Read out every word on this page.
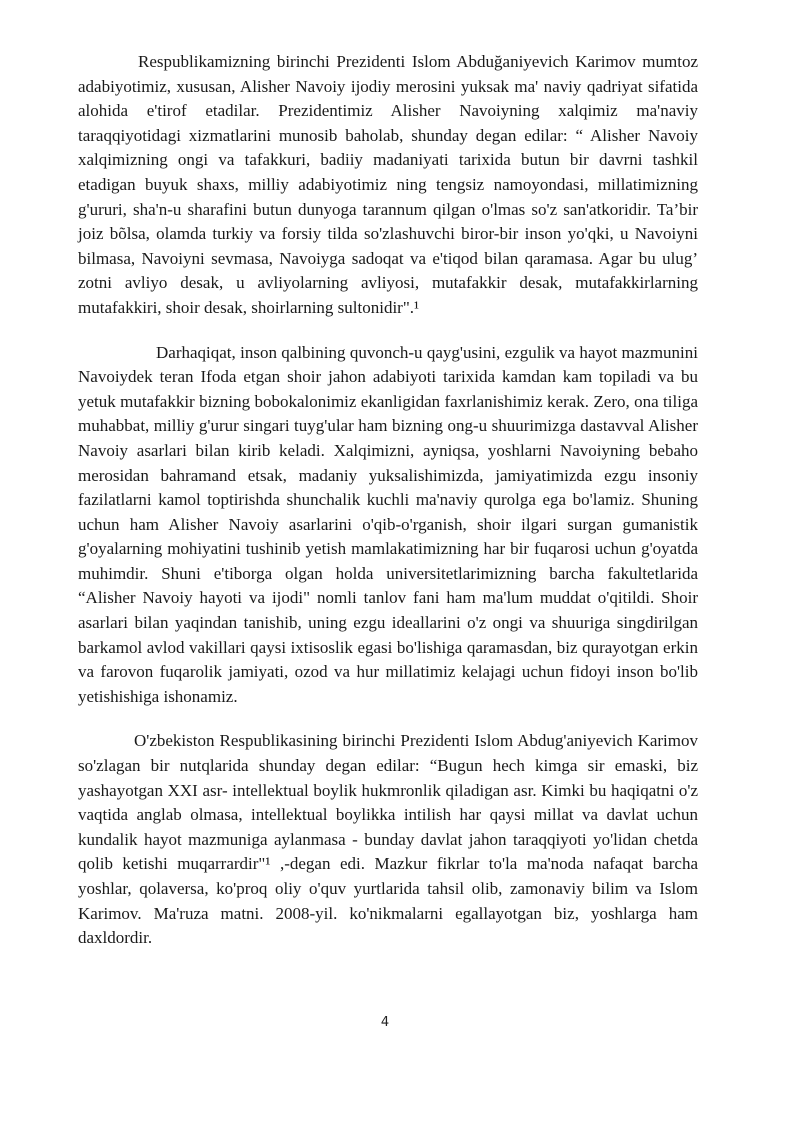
Respublikamizning birinchi Prezidenti Islom Abduğaniyevich Karimov mumtoz adabiyotimiz, xususan, Alisher Navoiy ijodiy merosini yuksak ma' naviy qadriyat sifatida alohida e'tirof etadilar. Prezidentimiz Alisher Navoiyning xalqimiz ma'naviy taraqqiyotidagi xizmatlarini munosib baholab, shunday degan edilar: “ Alisher Navoiy xalqimizning ongi va tafakkuri, badiiy madaniyati tarixida butun bir davrni tashkil etadigan buyuk shaxs, milliy adabiyotimiz ning tengsiz namoyondasi, millatimizning g'ururi, sha'n-u sharafini butun dunyoga tarannum qilgan o'lmas so'z san'atkoridir. Ta’bir joiz bõlsa, olamda turkiy va forsiy tilda so'zlashuvchi biror-bir inson yo'qki, u Navoiyni bilmasa, Navoiyni sevmasa, Navoiyga sadoqat va e'tiqod bilan qaramasa. Agar bu ulug’ zotni avliyo desak, u avliyolarning avliyosi, mutafakkir desak, mutafakkirlarning mutafakkiri, shoir desak, shoirlarning sultonidir".¹

Darhaqiqat, inson qalbining quvonch-u qayg'usini, ezgulik va hayot mazmunini Navoiydek teran Ifoda etgan shoir jahon adabiyoti tarixida kamdan kam topiladi va bu yetuk mutafakkir bizning bobokalonimiz ekanligidan faxrlanishimiz kerak. Zero, ona tiliga muhabbat, milliy g'urur singari tuyg'ular ham bizning ong-u shuurimizga dastavval Alisher Navoiy asarlari bilan kirib keladi. Xalqimizni, ayniqsa, yoshlarni Navoiyning bebaho merosidan bahramand etsak, madaniy yuksalishimizda, jamiyatimizda ezgu insoniy fazilatlarni kamol toptirishda shunchalik kuchli ma'naviy qurolga ega bo'lamiz. Shuning uchun ham Alisher Navoiy asarlarini o'qib-o'rganish, shoir ilgari surgan gumanistik g'oyalarning mohiyatini tushinib yetish mamlakatimizning har bir fuqarosi uchun g'oyatda muhimdir. Shuni e'tiborga olgan holda universitetlarimizning barcha fakultetlarida “Alisher Navoiy hayoti va ijodi" nomli tanlov fani ham ma'lum muddat o'qitildi. Shoir asarlari bilan yaqindan tanishib, uning ezgu ideallarini o'z ongi va shuuriga singdirilgan barkamol avlod vakillari qaysi ixtisoslik egasi bo'lishiga qaramasdan, biz qurayotgan erkin va farovon fuqarolik jamiyati, ozod va hur millatimiz kelajagi uchun fidoyi inson bo'lib yetishishiga ishonamiz.

O'zbekiston Respublikasining birinchi Prezidenti Islom Abdug'aniyevich Karimov so'zlagan bir nutqlarida shunday degan edilar: “Bugun hech kimga sir emaski, biz yashayotgan XXI asr- intellektual boylik hukmronlik qiladigan asr. Kimki bu haqiqatni o'z vaqtida anglab olmasa, intellektual boylikka intilish har qaysi millat va davlat uchun kundalik hayot mazmuniga aylanmasa - bunday davlat jahon taraqqiyoti yo'lidan chetda qolib ketishi muqarrardir"¹ ,-degan edi. Mazkur fikrlar to'la ma'noda nafaqat barcha yoshlar, qolaversa, ko'proq oliy o'quv yurtlarida tahsil olib, zamonaviy bilim va Islom Karimov. Ma'ruza matni. 2008-yil. ko'nikmalarni egallayotgan biz, yoshlarga ham daxldordir.

4
